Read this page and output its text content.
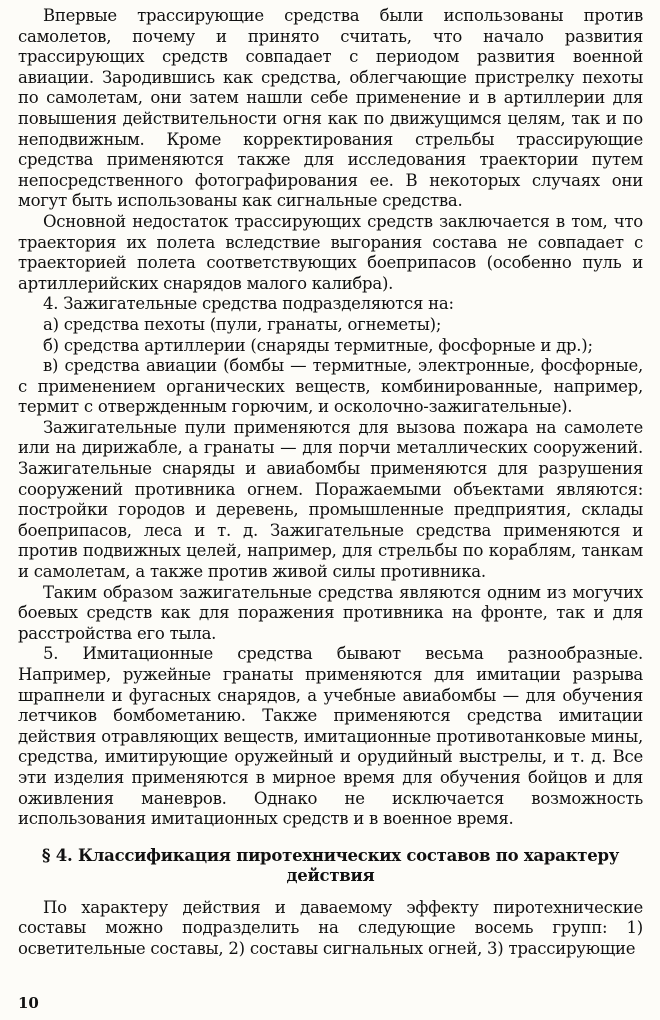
Впервые трассирующие средства были использованы против самолетов, почему и принято считать, что начало развития трассирующих средств совпадает с периодом развития военной авиации. Зародившись как средства, облегчающие пристрелку пехоты по самолетам, они затем нашли себе применение и в артиллерии для повышения действительности огня как по движущимся целям, так и по неподвижным. Кроме корректирования стрельбы трассирующие средства применяются также для исследования траектории путем непосредственного фотографирования ее. В некоторых случаях они могут быть использованы как сигнальные средства.

Основной недостаток трассирующих средств заключается в том, что траектория их полета вследствие выгорания состава не совпадает с траекторией полета соответствующих боеприпасов (особенно пуль и артиллерийских снарядов малого калибра).

4. Зажигательные средства подразделяются на:

а) средства пехоты (пули, гранаты, огнеметы);

б) средства артиллерии (снаряды термитные, фосфорные и др.);

в) средства авиации (бомбы — термитные, электронные, фосфорные, с применением органических веществ, комбинированные, например, термит с отвержденным горючим, и осколочно-зажигательные).

Зажигательные пули применяются для вызова пожара на самолете или на дирижабле, а гранаты — для порчи металлических сооружений. Зажигательные снаряды и авиабомбы применяются для разрушения сооружений противника огнем. Поражаемыми объектами являются: постройки городов и деревень, промышленные предприятия, склады боеприпасов, леса и т. д. Зажигательные средства применяются и против подвижных целей, например, для стрельбы по кораблям, танкам и самолетам, а также против живой силы противника.

Таким образом зажигательные средства являются одним из могучих боевых средств как для поражения противника на фронте, так и для расстройства его тыла.

5. Имитационные средства бывают весьма разнообразные. Например, ружейные гранаты применяются для имитации разрыва шрапнели и фугасных снарядов, а учебные авиабомбы — для обучения летчиков бомбометанию. Также применяются средства имитации действия отравляющих веществ, имитационные противотанковые мины, средства, имитирующие оружейный и орудийный выстрелы, и т. д. Все эти изделия применяются в мирное время для обучения бойцов и для оживления маневров. Однако не исключается возможность использования имитационных средств и в военное время.

§ 4. Классификация пиротехнических составов по характеру действия

По характеру действия и даваемому эффекту пиротехнические составы можно подразделить на следующие восемь групп: 1) осветительные составы, 2) составы сигнальных огней, 3) трассирующие

10
